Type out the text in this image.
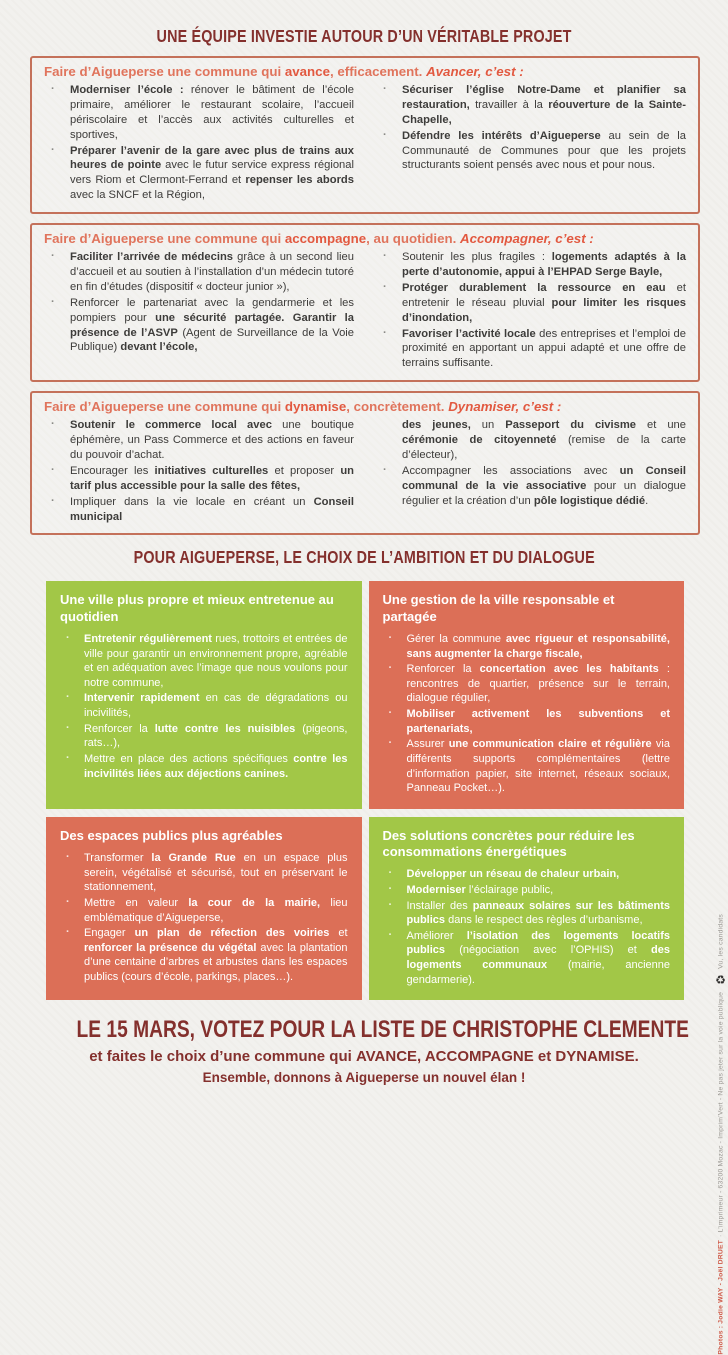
UNE ÉQUIPE INVESTIE AUTOUR D’UN VÉRITABLE PROJET

Faire d’Aigueperse une commune qui avance, efficacement. Avancer, c’est :

· Moderniser l’école : rénover le bâtiment de l’école primaire, améliorer le restaurant scolaire, l’accueil périscolaire et l’accès aux activités culturelles et sportives,
· Préparer l’avenir de la gare avec plus de trains aux heures de pointe avec le futur service express régional vers Riom et Clermont-Ferrand et repenser les abords avec la SNCF et la Région,
· Sécuriser l’église Notre-Dame et planifier sa restauration, travailler à la réouverture de la Sainte-Chapelle,
· Défendre les intérêts d’Aigueperse au sein de la Communauté de Communes pour que les projets structurants soient pensés avec nous et pour nous.

Faire d’Aigueperse une commune qui accompagne, au quotidien. Accompagner, c’est :

· Faciliter l’arrivée de médecins grâce à un second lieu d’accueil et au soutien à l’installation d’un médecin tutoré en fin d’études (dispositif « docteur junior »),
· Renforcer le partenariat avec la gendarmerie et les pompiers pour une sécurité partagée. Garantir la présence de l’ASVP (Agent de Surveillance de la Voie Publique) devant l’école,
· Soutenir les plus fragiles : logements adaptés à la perte d’autonomie, appui à l’EHPAD Serge Bayle,
· Protéger durablement la ressource en eau et entretenir le réseau pluvial pour limiter les risques d’inondation,
· Favoriser l’activité locale des entreprises et l’emploi de proximité en apportant un appui adapté et une offre de terrains suffisante.

Faire d’Aigueperse une commune qui dynamise, concrètement. Dynamiser, c’est :

· Soutenir le commerce local avec une boutique éphémère, un Pass Commerce et des actions en faveur du pouvoir d’achat.
· Encourager les initiatives culturelles et proposer un tarif plus accessible pour la salle des fêtes,
· Impliquer dans la vie locale en créant un Conseil municipal
des jeunes, un Passeport du civisme et une cérémonie de citoyenneté (remise de la carte d’électeur),
· Accompagner les associations avec un Conseil communal de la vie associative pour un dialogue régulier et la création d’un pôle logistique dédié.
POUR AIGUEPERSE, LE CHOIX DE L’AMBITION ET DU DIALOGUE

Une ville plus propre et mieux entretenue au quotidien

· Entretenir régulièrement rues, trottoirs et entrées de ville pour garantir un environnement propre, agréable et en adéquation avec l’image que nous voulons pour notre commune,
· Intervenir rapidement en cas de dégradations ou incivilités,
· Renforcer la lutte contre les nuisibles (pigeons, rats…),
· Mettre en place des actions spécifiques contre les incivilités liées aux déjections canines.

Une gestion de la ville responsable et partagée

· Gérer la commune avec rigueur et responsabilité, sans augmenter la charge fiscale,
· Renforcer la concertation avec les habitants : rencontres de quartier, présence sur le terrain, dialogue régulier,
· Mobiliser activement les subventions et partenariats,
· Assurer une communication claire et régulière via différents supports complémentaires (lettre d’information papier, site internet, réseaux sociaux, Panneau Pocket…).

Des espaces publics plus agréables

· Transformer la Grande Rue en un espace plus serein, végétalisé et sécurisé, tout en préservant le stationnement,
· Mettre en valeur la cour de la mairie, lieu emblématique d’Aigueperse,
· Engager un plan de réfection des voiries et renforcer la présence du végétal avec la plantation d’une centaine d’arbres et arbustes dans les espaces publics (cours d’école, parkings, places…).

Des solutions concrètes pour réduire les consommations énergétiques

· Développer un réseau de chaleur urbain,
· Moderniser l’éclairage public,
· Installer des panneaux solaires sur les bâtiments publics dans le respect des règles d’urbanisme,
· Améliorer l’isolation des logements locatifs publics (négociation avec l’OPHIS) et des logements communaux (mairie, ancienne gendarmerie).

LE 15 MARS, VOTEZ POUR LA LISTE DE CHRISTOPHE CLEMENTE

et faites le choix d’une commune qui AVANCE, ACCOMPAGNE et DYNAMISE.

Ensemble, donnons à Aigueperse un nouvel élan !

Photos : Jodie WAY - Joël DRUET
· L’imprimeur - 63200 Mozac - Imprim’Vert - Ne pas jeter sur la voie publique
♻
Vu, les candidats
